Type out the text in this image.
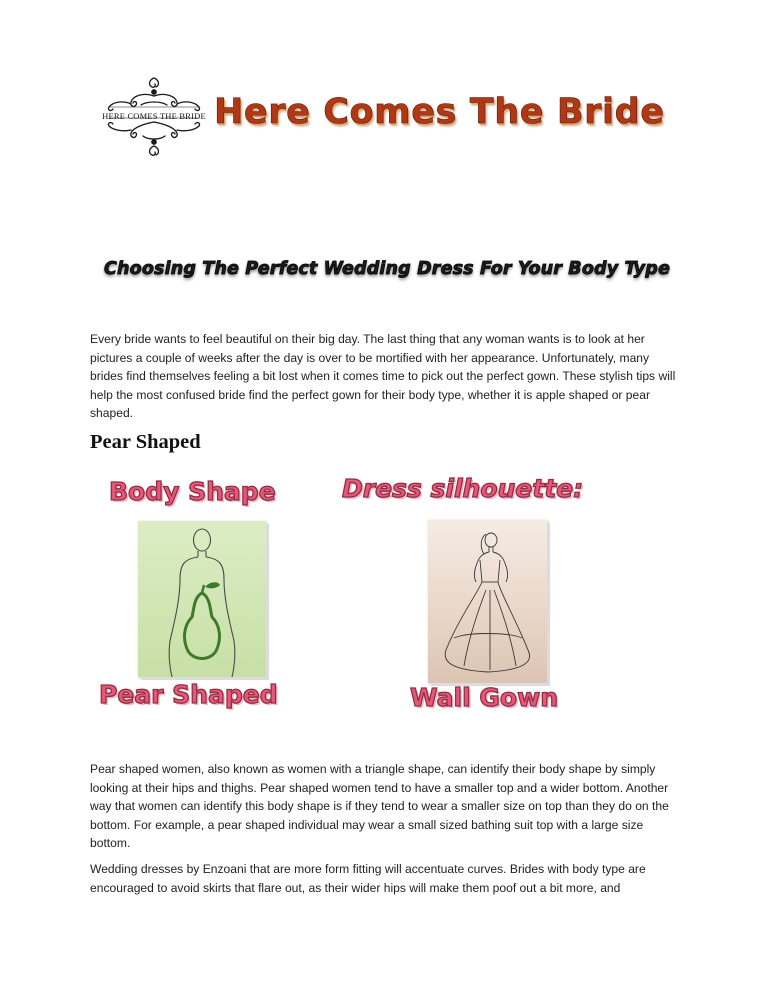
HERE COMES THE BRIDE Here Comes The Bride
Choosing The Perfect Wedding Dress For Your Body Type

Every bride wants to feel beautiful on their big day. The last thing that any woman wants is to look at her pictures a couple of weeks after the day is over to be mortified with her appearance. Unfortunately, many brides find themselves feeling a bit lost when it comes time to pick out the perfect gown. These stylish tips will help the most confused bride find the perfect gown for their body type, whether it is apple shaped or pear shaped.

Pear Shaped
Body Shape	Dress silhouette:
Pear Shaped	Wall Gown

Pear shaped women, also known as women with a triangle shape, can identify their body shape by simply looking at their hips and thighs. Pear shaped women tend to have a smaller top and a wider bottom. Another way that women can identify this body shape is if they tend to wear a smaller size on top than they do on the bottom. For example, a pear shaped individual may wear a small sized bathing suit top with a large size bottom.

Wedding dresses by Enzoani that are more form fitting will accentuate curves. Brides with body type are encouraged to avoid skirts that flare out, as their wider hips will make them poof out a bit more, and
